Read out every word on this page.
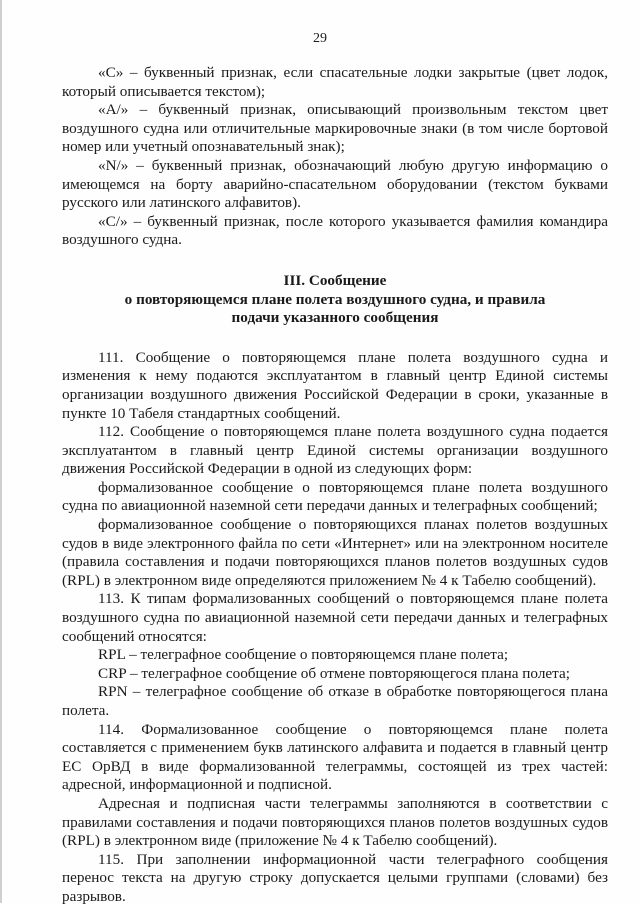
29

«C» – буквенный признак, если спасательные лодки закрытые (цвет лодок, который описывается текстом);

«A/» – буквенный признак, описывающий произвольным текстом цвет воздушного судна или отличительные маркировочные знаки (в том числе бортовой номер или учетный опознавательный знак);

«N/» – буквенный признак, обозначающий любую другую информацию о имеющемся на борту аварийно-спасательном оборудовании (текстом буквами русского или латинского алфавитов).

«C/» – буквенный признак, после которого указывается фамилия командира воздушного судна.

III. Сообщение

о повторяющемся плане полета воздушного судна, и правила

подачи указанного сообщения

111. Сообщение о повторяющемся плане полета воздушного судна и изменения к нему подаются эксплуатантом в главный центр Единой системы организации воздушного движения Российской Федерации в сроки, указанные в пункте 10 Табеля стандартных сообщений.

112. Сообщение о повторяющемся плане полета воздушного судна подается эксплуатантом в главный центр Единой системы организации воздушного движения Российской Федерации в одной из следующих форм:

формализованное сообщение о повторяющемся плане полета воздушного судна по авиационной наземной сети передачи данных и телеграфных сообщений;

формализованное сообщение о повторяющихся планах полетов воздушных судов в виде электронного файла по сети «Интернет» или на электронном носителе (правила составления и подачи повторяющихся планов полетов воздушных судов (RPL) в электронном виде определяются приложением № 4 к Табелю сообщений).

113. К типам формализованных сообщений о повторяющемся плане полета воздушного судна по авиационной наземной сети передачи данных и телеграфных сообщений относятся:

RPL – телеграфное сообщение о повторяющемся плане полета;

CRP – телеграфное сообщение об отмене повторяющегося плана полета;

RPN – телеграфное сообщение об отказе в обработке повторяющегося плана полета.

114. Формализованное сообщение о повторяющемся плане полета составляется с применением букв латинского алфавита и подается в главный центр ЕС ОрВД в виде формализованной телеграммы, состоящей из трех частей: адресной, информационной и подписной.

Адресная и подписная части телеграммы заполняются в соответствии с правилами составления и подачи повторяющихся планов полетов воздушных судов (RPL) в электронном виде (приложение № 4 к Табелю сообщений).

115. При заполнении информационной части телеграфного сообщения перенос текста на другую строку допускается целыми группами (словами) без разрывов.
